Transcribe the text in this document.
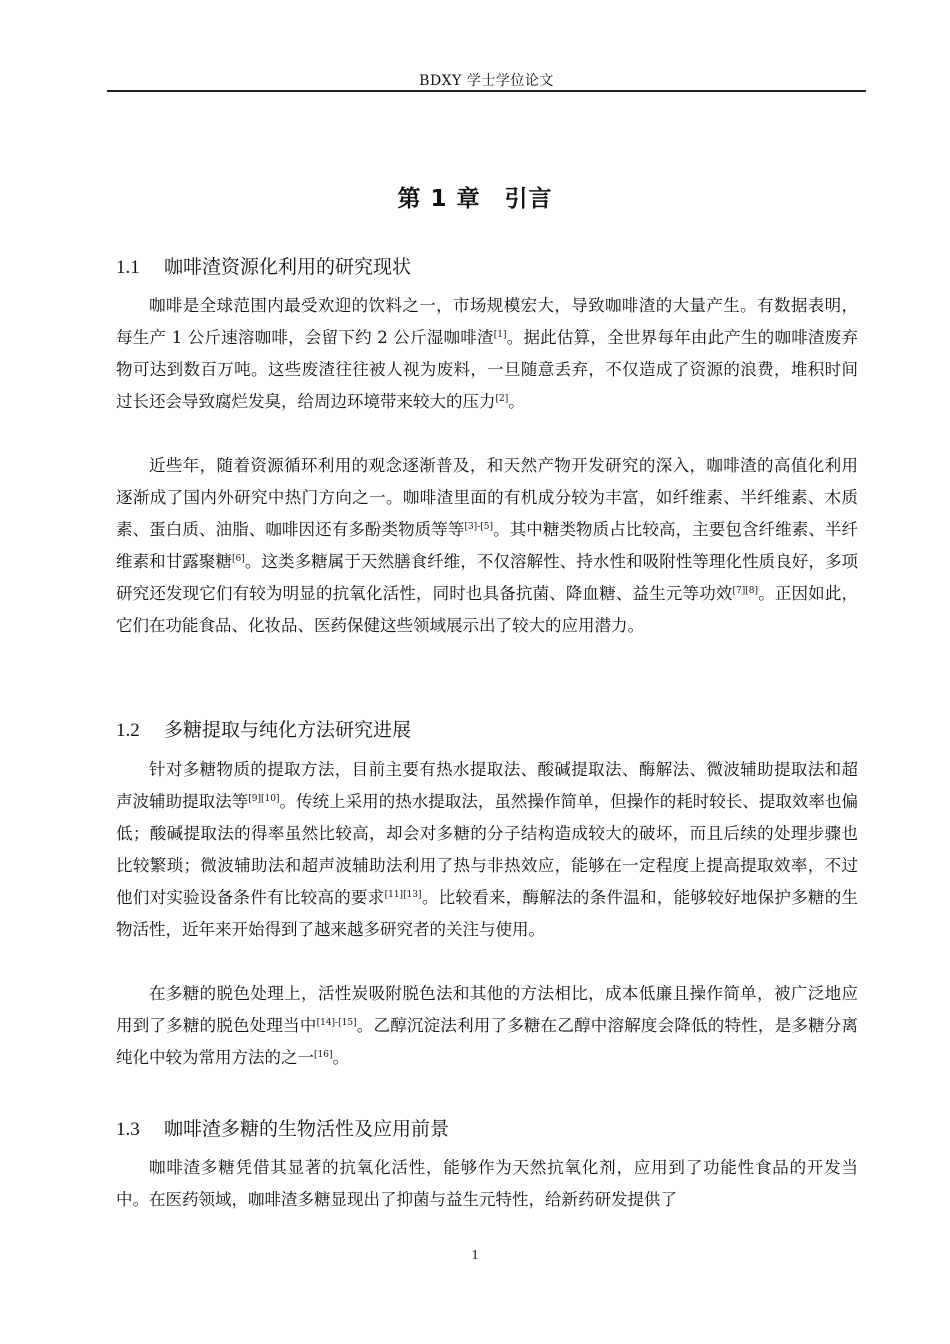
BDXY 学士学位论文
第 1 章　引言
1.1 咖啡渣资源化利用的研究现状

咖啡是全球范围内最受欢迎的饮料之一，市场规模宏大，导致咖啡渣的大量产生。有数据表明，每生产 1 公斤速溶咖啡，会留下约 2 公斤湿咖啡渣[1]。据此估算，全世界每年由此产生的咖啡渣废弃物可达到数百万吨。这些废渣往往被人视为废料，一旦随意丢弃，不仅造成了资源的浪费，堆积时间过长还会导致腐烂发臭，给周边环境带来较大的压力[2]。

近些年，随着资源循环利用的观念逐渐普及，和天然产物开发研究的深入，咖啡渣的高值化利用逐渐成了国内外研究中热门方向之一。咖啡渣里面的有机成分较为丰富，如纤维素、半纤维素、木质素、蛋白质、油脂、咖啡因还有多酚类物质等等[3]-[5]。其中糖类物质占比较高，主要包含纤维素、半纤维素和甘露聚糖[6]。这类多糖属于天然膳食纤维，不仅溶解性、持水性和吸附性等理化性质良好，多项研究还发现它们有较为明显的抗氧化活性，同时也具备抗菌、降血糖、益生元等功效[7][8]。正因如此，它们在功能食品、化妆品、医药保健这些领域展示出了较大的应用潜力。

1.2 多糖提取与纯化方法研究进展

针对多糖物质的提取方法，目前主要有热水提取法、酸碱提取法、酶解法、微波辅助提取法和超声波辅助提取法等[9][10]。传统上采用的热水提取法，虽然操作简单，但操作的耗时较长、提取效率也偏低；酸碱提取法的得率虽然比较高，却会对多糖的分子结构造成较大的破坏，而且后续的处理步骤也比较繁琐；微波辅助法和超声波辅助法利用了热与非热效应，能够在一定程度上提高提取效率，不过他们对实验设备条件有比较高的要求[11][13]。比较看来，酶解法的条件温和，能够较好地保护多糖的生物活性，近年来开始得到了越来越多研究者的关注与使用。

在多糖的脱色处理上，活性炭吸附脱色法和其他的方法相比，成本低廉且操作简单，被广泛地应用到了多糖的脱色处理当中[14]-[15]。乙醇沉淀法利用了多糖在乙醇中溶解度会降低的特性，是多糖分离纯化中较为常用方法的之一[16]。

1.3 咖啡渣多糖的生物活性及应用前景

咖啡渣多糖凭借其显著的抗氧化活性，能够作为天然抗氧化剂，应用到了功能性食品的开发当中。在医药领域，咖啡渣多糖显现出了抑菌与益生元特性，给新药研发提供了

1
